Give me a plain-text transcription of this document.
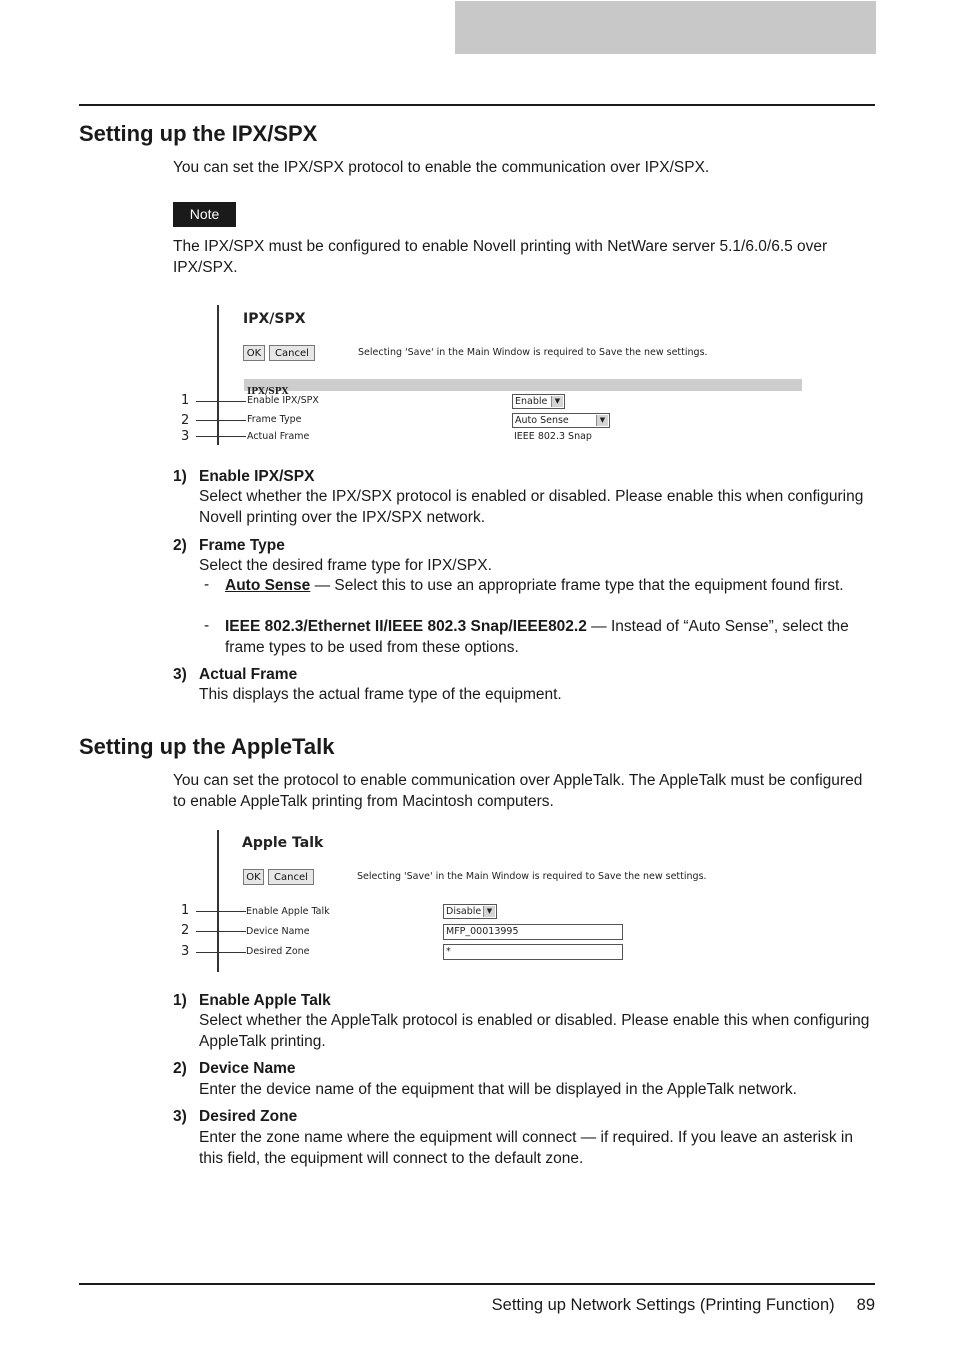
Setting up the IPX/SPX
You can set the IPX/SPX protocol to enable the communication over IPX/SPX.
Note
The IPX/SPX must be configured to enable Novell printing with NetWare server 5.1/6.0/6.5 over IPX/SPX.
IPX/SPX
OK	Cancel	Selecting 'Save' in the Main Window is required to Save the new settings.
IPX/SPX
1
2
3
Enable IPX/SPX	Enable	▼
Frame Type	Auto Sense	▼
Actual Frame	IEEE 802.3 Snap
1) Enable IPX/SPX
Select whether the IPX/SPX protocol is enabled or disabled. Please enable this when configuring Novell printing over the IPX/SPX network.
2) Frame Type
Select the desired frame type for IPX/SPX.
- Auto Sense — Select this to use an appropriate frame type that the equipment found first.
- IEEE 802.3/Ethernet II/IEEE 802.3 Snap/IEEE802.2 — Instead of “Auto Sense”, select the frame types to be used from these options.
3) Actual Frame
This displays the actual frame type of the equipment.
Setting up the AppleTalk
You can set the protocol to enable communication over AppleTalk. The AppleTalk must be configured to enable AppleTalk printing from Macintosh computers.
Apple Talk
OK	Cancel	Selecting 'Save' in the Main Window is required to Save the new settings.
1
2
3
Enable Apple Talk	Disable ▼
Device Name	MFP_00013995
Desired Zone	*
1) Enable Apple Talk
Select whether the AppleTalk protocol is enabled or disabled. Please enable this when configuring AppleTalk printing.
2) Device Name
Enter the device name of the equipment that will be displayed in the AppleTalk network.
3) Desired Zone
Enter the zone name where the equipment will connect — if required. If you leave an asterisk in this field, the equipment will connect to the default zone.
Setting up Network Settings (Printing Function) 89
